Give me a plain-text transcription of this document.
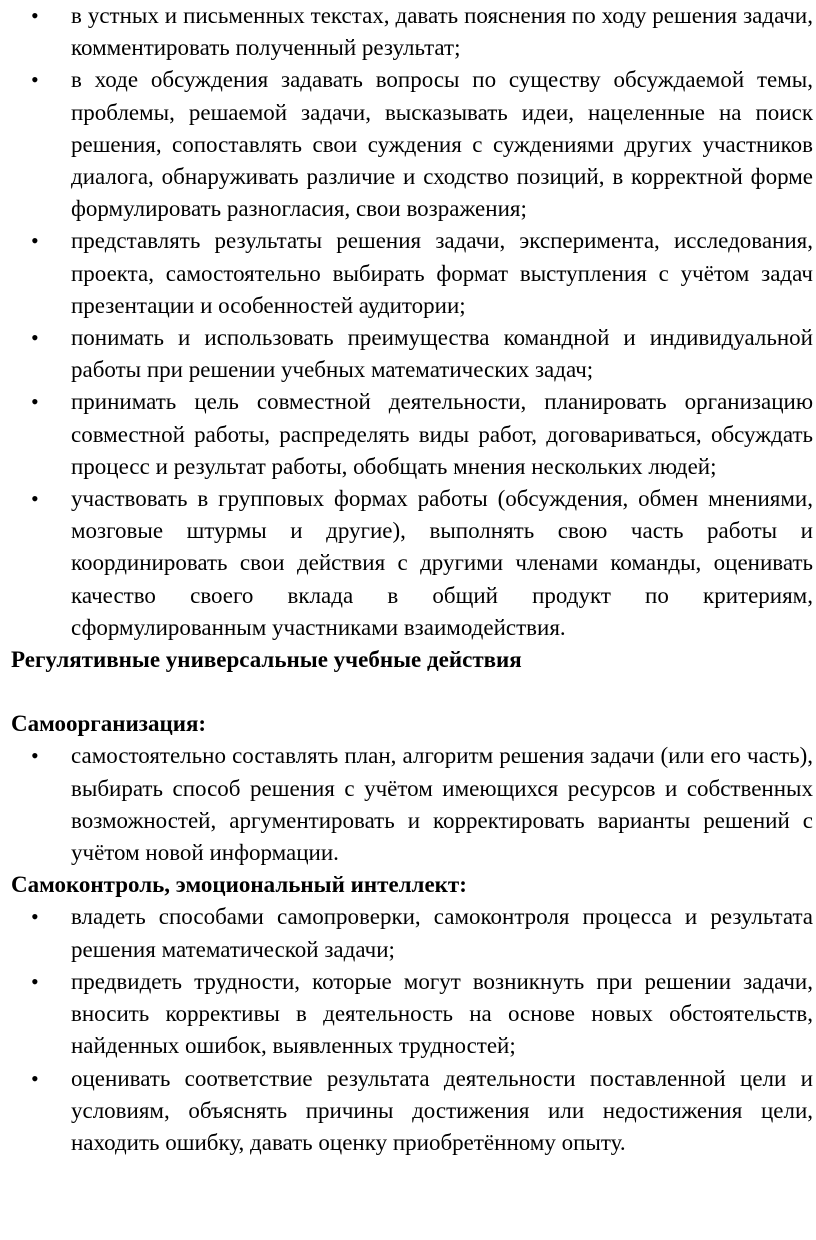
• в устных и письменных текстах, давать пояснения по ходу решения задачи, комментировать полученный результат;
• в ходе обсуждения задавать вопросы по существу обсуждаемой темы, проблемы, решаемой задачи, высказывать идеи, нацеленные на поиск решения, сопоставлять свои суждения с суждениями других участников диалога, обнаруживать различие и сходство позиций, в корректной форме формулировать разногласия, свои возражения;
• представлять результаты решения задачи, эксперимента, исследования, проекта, самостоятельно выбирать формат выступления с учётом задач презентации и особенностей аудитории;
• понимать и использовать преимущества командной и индивидуальной работы при решении учебных математических задач;
• принимать цель совместной деятельности, планировать организацию совместной работы, распределять виды работ, договариваться, обсуждать процесс и результат работы, обобщать мнения нескольких людей;
• участвовать в групповых формах работы (обсуждения, обмен мнениями, мозговые штурмы и другие), выполнять свою часть работы и координировать свои действия с другими членами команды, оценивать качество своего вклада в общий продукт по критериям, сформулированным участниками взаимодействия.

Регулятивные универсальные учебные действия

Самоорганизация:

• самостоятельно составлять план, алгоритм решения задачи (или его часть), выбирать способ решения с учётом имеющихся ресурсов и собственных возможностей, аргументировать и корректировать варианты решений с учётом новой информации.

Самоконтроль, эмоциональный интеллект:

• владеть способами самопроверки, самоконтроля процесса и результата решения математической задачи;
• предвидеть трудности, которые могут возникнуть при решении задачи, вносить коррективы в деятельность на основе новых обстоятельств, найденных ошибок, выявленных трудностей;
• оценивать соответствие результата деятельности поставленной цели и условиям, объяснять причины достижения или недостижения цели, находить ошибку, давать оценку приобретённому опыту.
